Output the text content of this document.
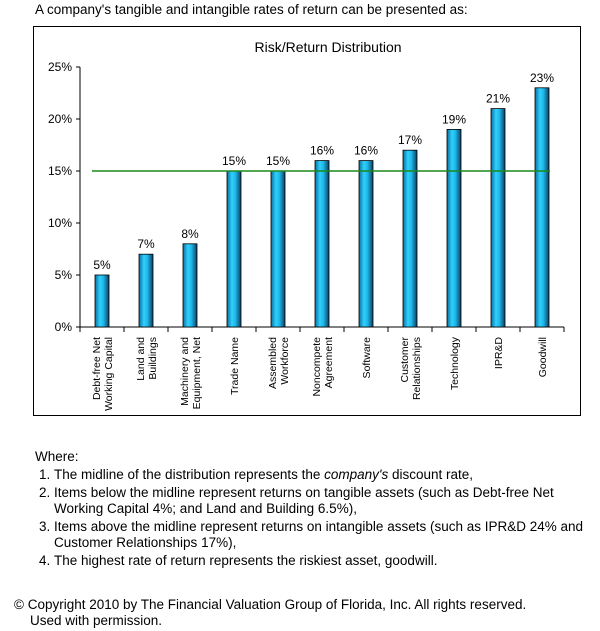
A company's tangible and intangible rates of return can be presented as:
Risk/Return Distribution
0%
5%
10%
15%
20%
25%
5%
Debt-free NetWorking Capital
7%
Land andBuildings
8%
Machinery andEquipment, Net
15%
Trade Name
15%
AssembledWorkforce
16%
NoncompeteAgreement
16%
Software
17%
CustomerRelationships
19%
Technology
21%
IPR&D
23%
Goodwill
Where:
1. The midline of the distribution represents the company's discount rate,
2. Items below the midline represent returns on tangible assets (such as Debt-free Net Working Capital 4%; and Land and Building 6.5%),
3. Items above the midline represent returns on intangible assets (such as IPR&D 24% and Customer Relationships 17%),
4. The highest rate of return represents the riskiest asset, goodwill.
© Copyright 2010 by The Financial Valuation Group of Florida, Inc. All rights reserved.
Used with permission.
